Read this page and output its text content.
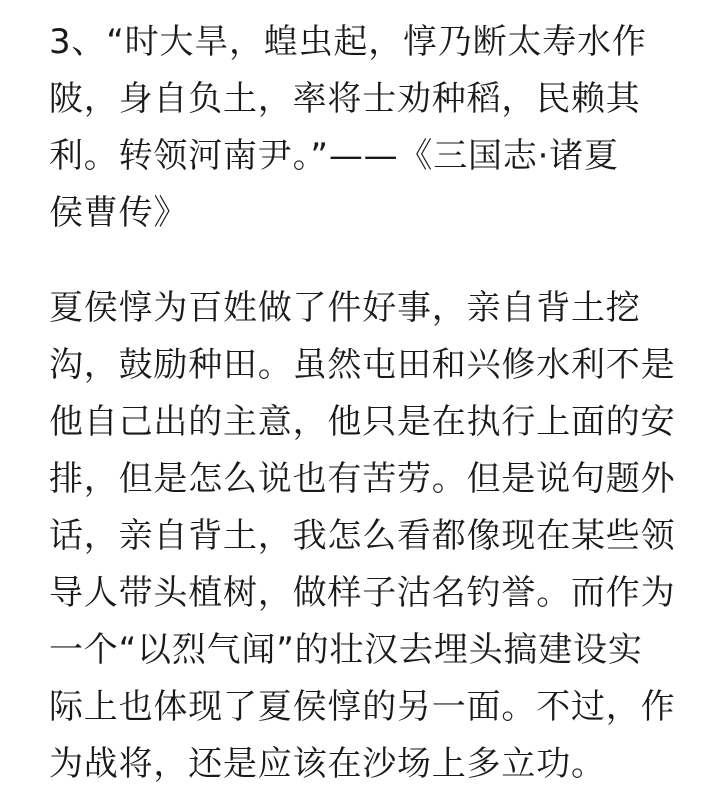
3、“时大旱，蝗虫起，惇乃断太寿水作
陂，身自负土，率将士劝种稻，民赖其
利。转领河南尹。”——《三国志·诸夏
侯曹传》
夏侯惇为百姓做了件好事，亲自背土挖
沟，鼓励种田。虽然屯田和兴修水利不是
他自己出的主意，他只是在执行上面的安
排，但是怎么说也有苦劳。但是说句题外
话，亲自背土，我怎么看都像现在某些领
导人带头植树，做样子沽名钓誉。而作为
一个“以烈气闻”的壮汉去埋头搞建设实
际上也体现了夏侯惇的另一面。不过，作
为战将，还是应该在沙场上多立功。
